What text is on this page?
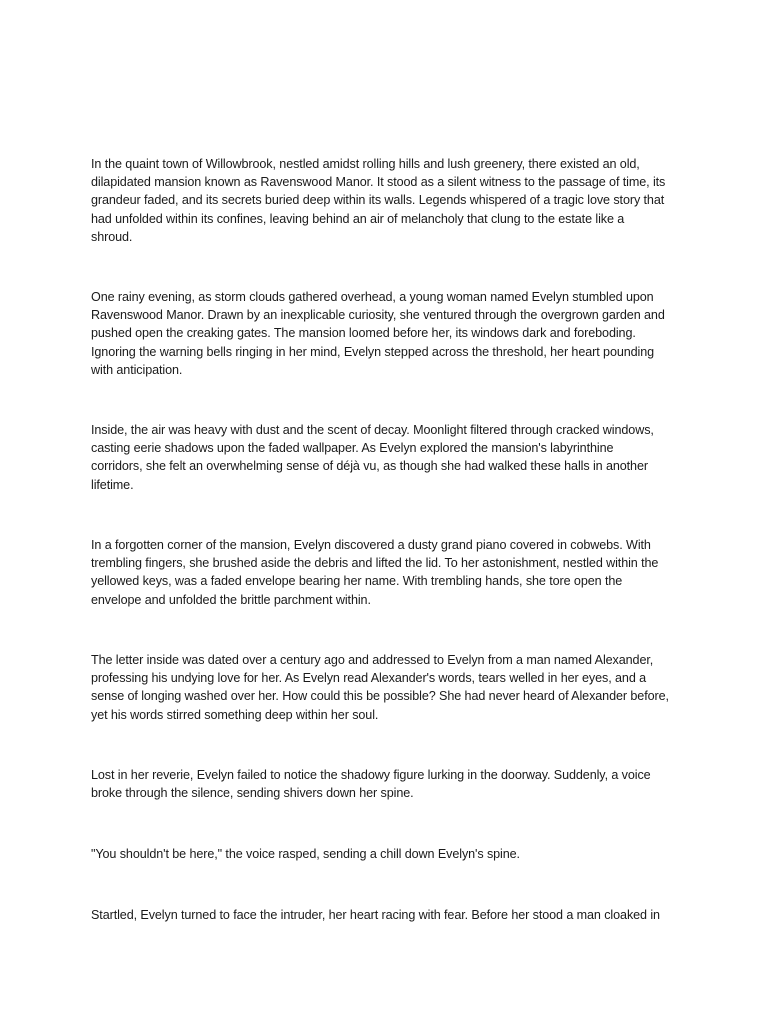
In the quaint town of Willowbrook, nestled amidst rolling hills and lush greenery, there existed an old,
dilapidated mansion known as Ravenswood Manor. It stood as a silent witness to the passage of time, its
grandeur faded, and its secrets buried deep within its walls. Legends whispered of a tragic love story that
had unfolded within its confines, leaving behind an air of melancholy that clung to the estate like a
shroud.

One rainy evening, as storm clouds gathered overhead, a young woman named Evelyn stumbled upon
Ravenswood Manor. Drawn by an inexplicable curiosity, she ventured through the overgrown garden and
pushed open the creaking gates. The mansion loomed before her, its windows dark and foreboding.
Ignoring the warning bells ringing in her mind, Evelyn stepped across the threshold, her heart pounding
with anticipation.

Inside, the air was heavy with dust and the scent of decay. Moonlight filtered through cracked windows,
casting eerie shadows upon the faded wallpaper. As Evelyn explored the mansion's labyrinthine
corridors, she felt an overwhelming sense of déjà vu, as though she had walked these halls in another
lifetime.

In a forgotten corner of the mansion, Evelyn discovered a dusty grand piano covered in cobwebs. With
trembling fingers, she brushed aside the debris and lifted the lid. To her astonishment, nestled within the
yellowed keys, was a faded envelope bearing her name. With trembling hands, she tore open the
envelope and unfolded the brittle parchment within.

The letter inside was dated over a century ago and addressed to Evelyn from a man named Alexander,
professing his undying love for her. As Evelyn read Alexander's words, tears welled in her eyes, and a
sense of longing washed over her. How could this be possible? She had never heard of Alexander before,
yet his words stirred something deep within her soul.

Lost in her reverie, Evelyn failed to notice the shadowy figure lurking in the doorway. Suddenly, a voice
broke through the silence, sending shivers down her spine.

"You shouldn't be here," the voice rasped, sending a chill down Evelyn's spine.

Startled, Evelyn turned to face the intruder, her heart racing with fear. Before her stood a man cloaked in
